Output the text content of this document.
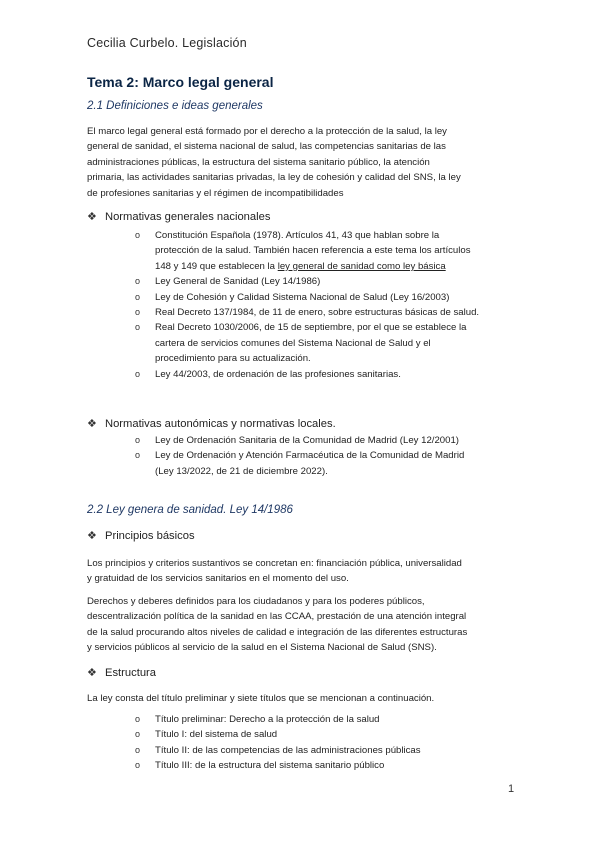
Cecilia Curbelo. Legislación
Tema 2: Marco legal general
2.1 Definiciones e ideas generales
El marco legal general está formado por el derecho a la protección de la salud, la ley
general de sanidad, el sistema nacional de salud, las competencias sanitarias de las
administraciones públicas, la estructura del sistema sanitario público, la atención
primaria, las actividades sanitarias privadas, la ley de cohesión y calidad del SNS, la ley
de profesiones sanitarias y el régimen de incompatibilidades
❖ Normativas generales nacionales
o Constitución Española (1978). Artículos 41, 43 que hablan sobre la
protección de la salud. También hacen referencia a este tema los artículos
148 y 149 que establecen la ley general de sanidad como ley básica
o Ley General de Sanidad (Ley 14/1986)
o Ley de Cohesión y Calidad Sistema Nacional de Salud (Ley 16/2003)
o Real Decreto 137/1984, de 11 de enero, sobre estructuras básicas de salud.
o Real Decreto 1030/2006, de 15 de septiembre, por el que se establece la
cartera de servicios comunes del Sistema Nacional de Salud y el
procedimiento para su actualización.
o Ley 44/2003, de ordenación de las profesiones sanitarias.
❖ Normativas autonómicas y normativas locales.
o Ley de Ordenación Sanitaria de la Comunidad de Madrid (Ley 12/2001)
o Ley de Ordenación y Atención Farmacéutica de la Comunidad de Madrid
(Ley 13/2022, de 21 de diciembre 2022).
2.2 Ley genera de sanidad. Ley 14/1986
❖ Principios básicos
Los principios y criterios sustantivos se concretan en: financiación pública, universalidad
y gratuidad de los servicios sanitarios en el momento del uso.
Derechos y deberes definidos para los ciudadanos y para los poderes públicos,
descentralización política de la sanidad en las CCAA, prestación de una atención integral
de la salud procurando altos niveles de calidad e integración de las diferentes estructuras
y servicios públicos al servicio de la salud en el Sistema Nacional de Salud (SNS).
❖ Estructura
La ley consta del título preliminar y siete títulos que se mencionan a continuación.
o Título preliminar: Derecho a la protección de la salud
o Título I: del sistema de salud
o Título II: de las competencias de las administraciones públicas
o Título III: de la estructura del sistema sanitario público
1
